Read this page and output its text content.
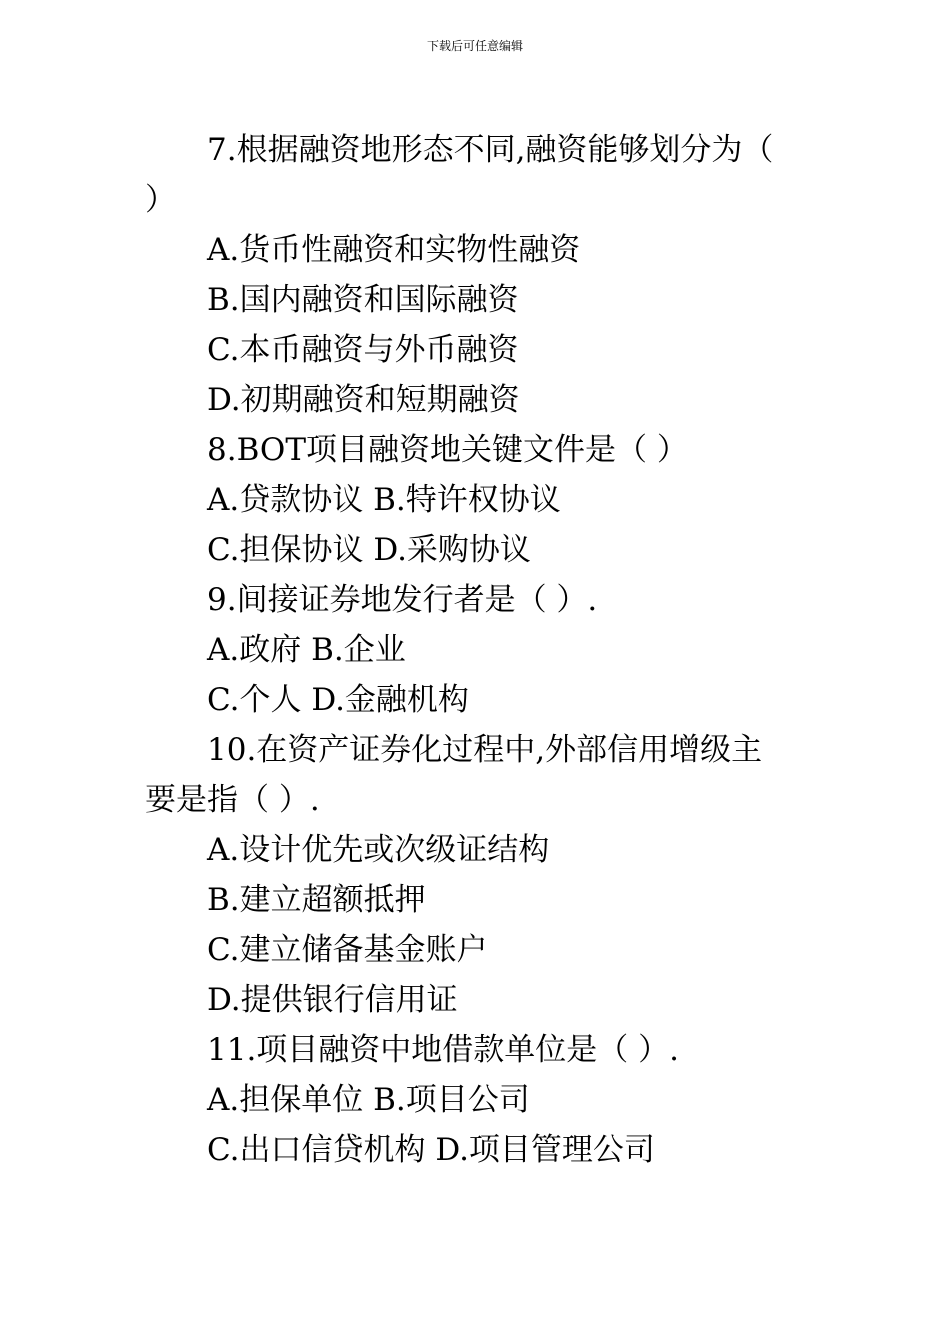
下载后可任意编辑
7.根据融资地形态不同,融资能够划分为（
）
A.货币性融资和实物性融资
B.国内融资和国际融资
C.本币融资与外币融资
D.初期融资和短期融资
8.BOT项目融资地关键文件是（ ）
A.贷款协议 B.特许权协议
C.担保协议 D.采购协议
9.间接证券地发行者是（ ）.
A.政府 B.企业
C.个人 D.金融机构
10.在资产证券化过程中,外部信用增级主
要是指（ ）.
A.设计优先或次级证结构
B.建立超额抵押
C.建立储备基金账户
D.提供银行信用证
11.项目融资中地借款单位是（ ）.
A.担保单位 B.项目公司
C.出口信贷机构 D.项目管理公司
